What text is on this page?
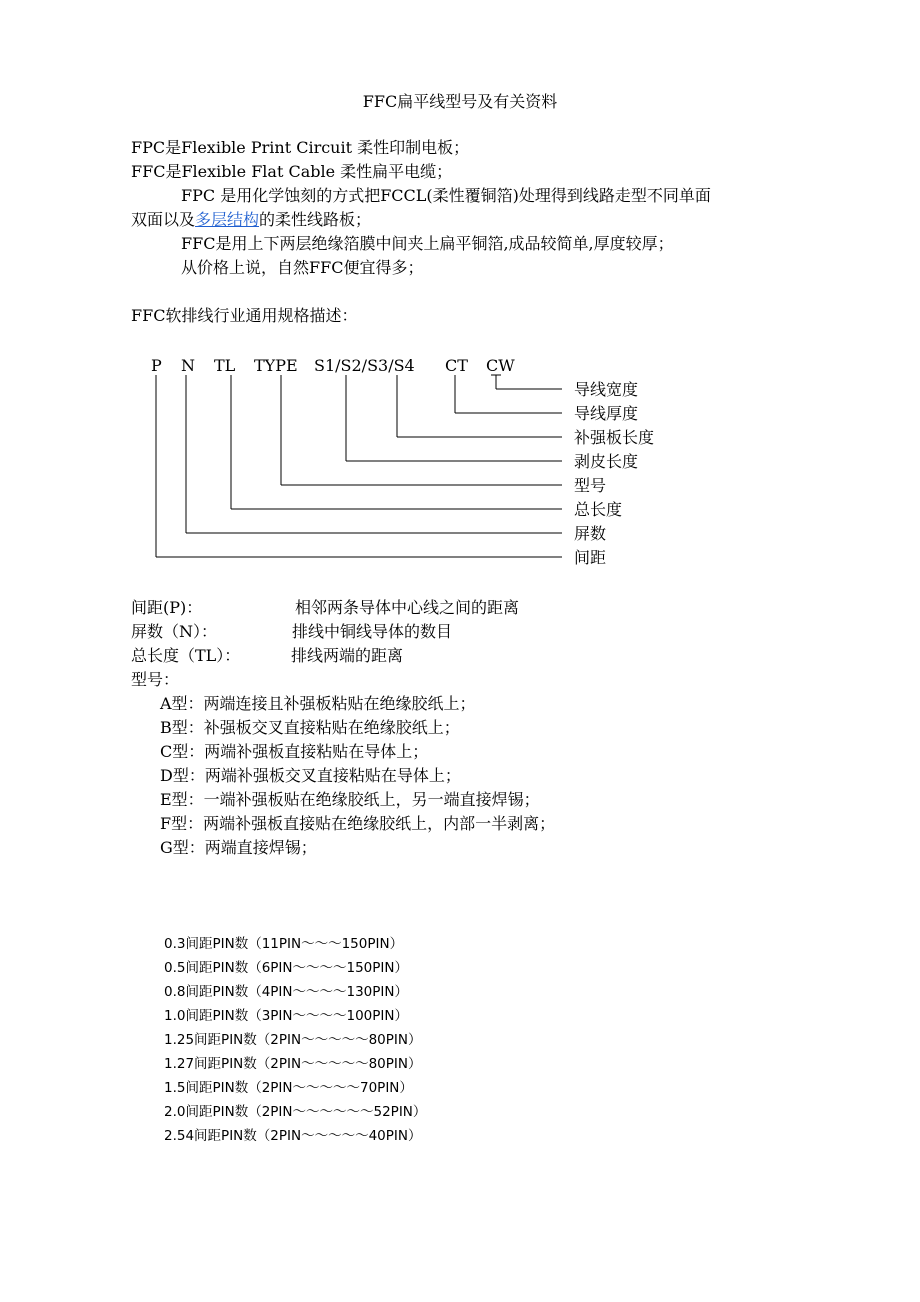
FFC扁平线型号及有关资料
FPC是Flexible Print Circuit 柔性印制电板；
FFC是Flexible Flat Cable 柔性扁平电缆；
FPC 是用化学蚀刻的方式把FCCL(柔性覆铜箔)处理得到线路走型不同单面
双面以及多层结构的柔性线路板；
FFC是用上下两层绝缘箔膜中间夹上扁平铜箔,成品较简单,厚度较厚；
从价格上说，自然FFC便宜得多；
FFC软排线行业通用规格描述：
P N TL TYPE S1/S2/S3/S4 CT CW
导线宽度
导线厚度
补强板长度
剥皮长度
型号
总长度
屏数
间距
间距(P)：	相邻两条导体中心线之间的距离
屏数（N）：	排线中铜线导体的数目
总长度（TL）：	排线两端的距离
型号：
A型：两端连接且补强板粘贴在绝缘胶纸上；
B型：补强板交叉直接粘贴在绝缘胶纸上；
C型：两端补强板直接粘贴在导体上；
D型：两端补强板交叉直接粘贴在导体上；
E型：一端补强板贴在绝缘胶纸上，另一端直接焊锡；
F型：两端补强板直接贴在绝缘胶纸上，内部一半剥离；
G型：两端直接焊锡；
0.3间距PIN数（11PIN～～～150PIN）
0.5间距PIN数（6PIN～～～～150PIN）
0.8间距PIN数（4PIN～～～～130PIN）
1.0间距PIN数（3PIN～～～～100PIN）
1.25间距PIN数（2PIN～～～～～80PIN）
1.27间距PIN数（2PIN～～～～～80PIN）
1.5间距PIN数（2PIN～～～～～70PIN）
2.0间距PIN数（2PIN～～～～～～52PIN）
2.54间距PIN数（2PIN～～～～～40PIN）
